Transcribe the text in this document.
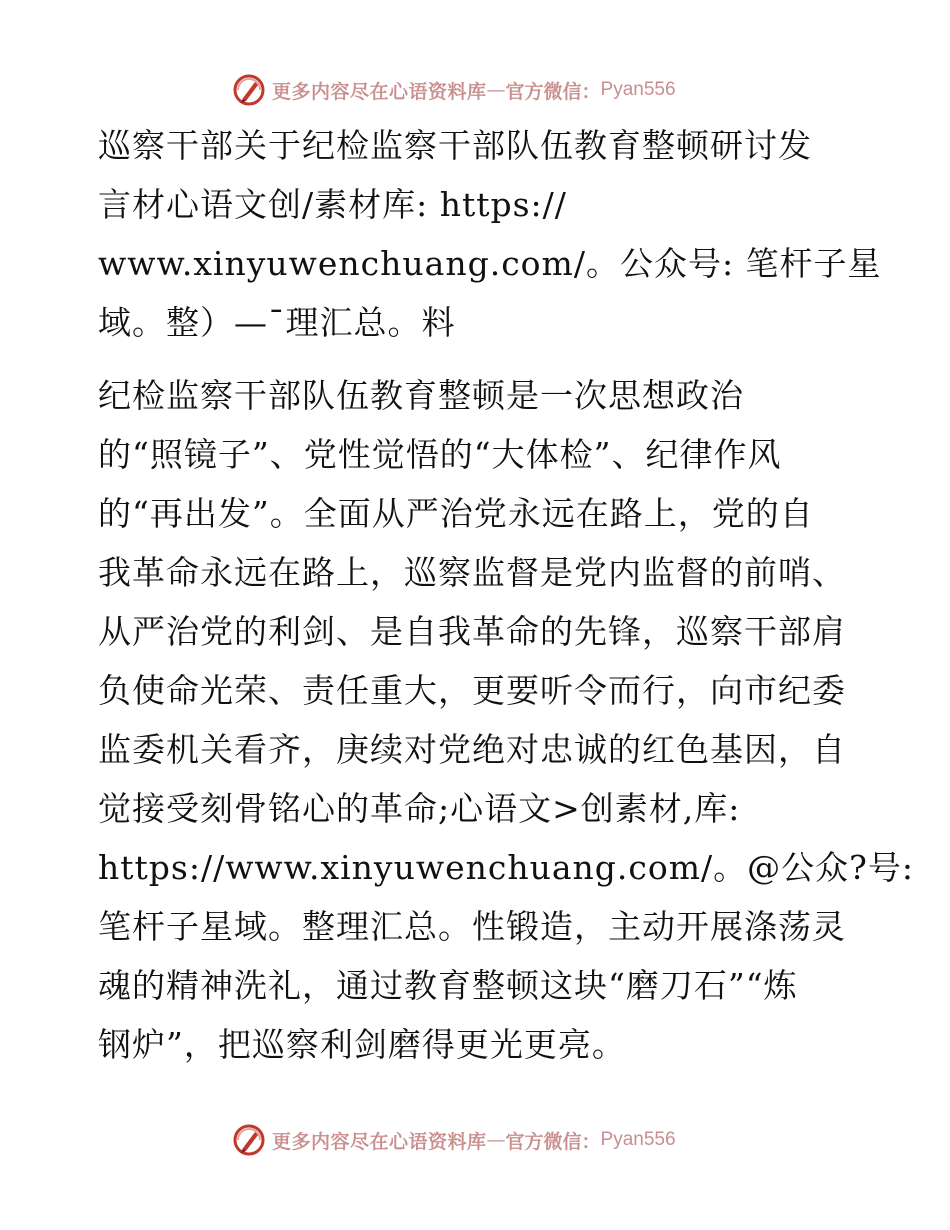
更多内容尽在心语资料库 — 官方微信： Pyan556
巡察干部关于纪检监察干部队伍教育整顿研讨发
言材心语文创/素材库: https://
www.xinyuwenchuang.com/。公众号: 笔杆子星
域。整）—¯理汇总。料
纪检监察干部队伍教育整顿是一次思想政治
的“照镜子”、党性觉悟的“大体检”、纪律作风
的“再出发”。全面从严治党永远在路上，党的自
我革命永远在路上，巡察监督是党内监督的前哨、
从严治党的利剑、是自我革命的先锋，巡察干部肩
负使命光荣、责任重大，更要听令而行，向市纪委
监委机关看齐，庚续对党绝对忠诚的红色基因，自
觉接受刻骨铭心的革命;心语文>创素材,库:
https://www.xinyuwenchuang.com/。@公众?号:
笔杆子星域。整理汇总。性锻造，主动开展涤荡灵
魂的精神洗礼，通过教育整顿这块“磨刀石”“炼
钢炉”，把巡察利剑磨得更光更亮。
更多内容尽在心语资料库 — 官方微信： Pyan556
